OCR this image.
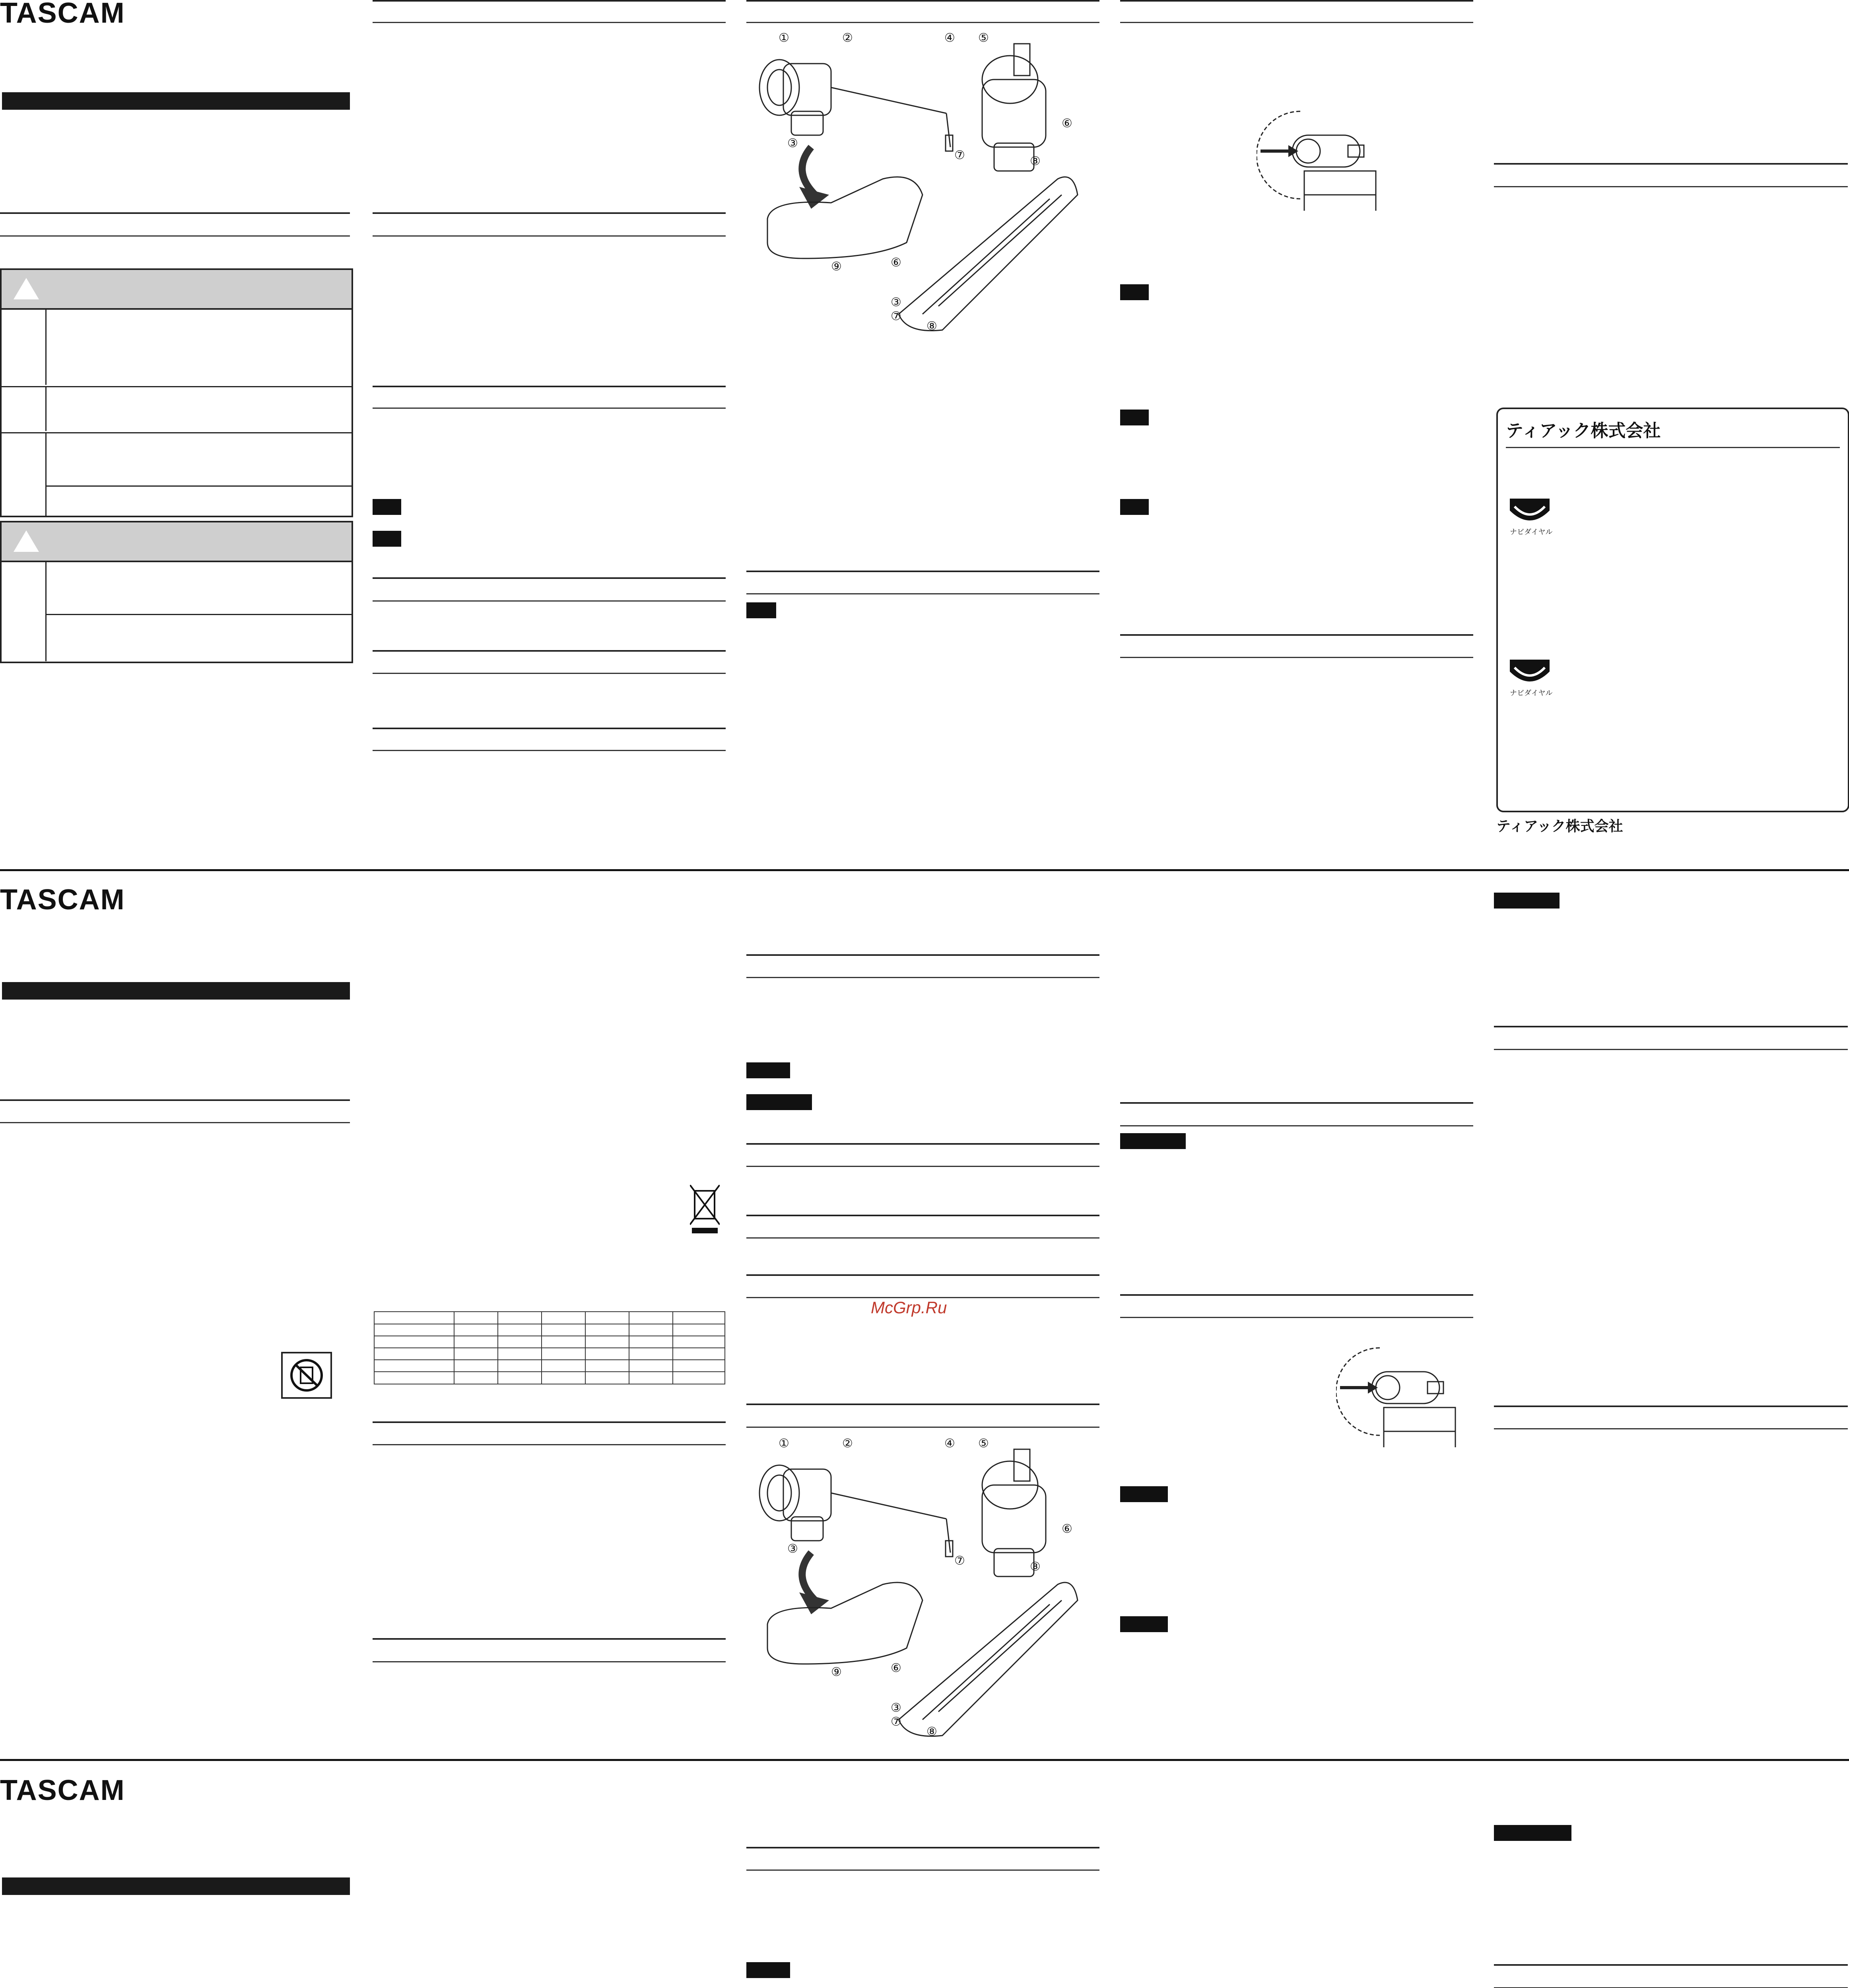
TASCAM
①	②	④ ⑤
③
⑥
⑦	⑧
⑨	⑥
③
⑦
⑧
ティアック株式会社
ナビダイヤル
ナビダイヤル
ティアック株式会社
TASCAM
McGrp.Ru
①	②	④ ⑤
③
⑥
⑦	⑧
⑨	⑥
③
⑦
⑧
TASCAM
